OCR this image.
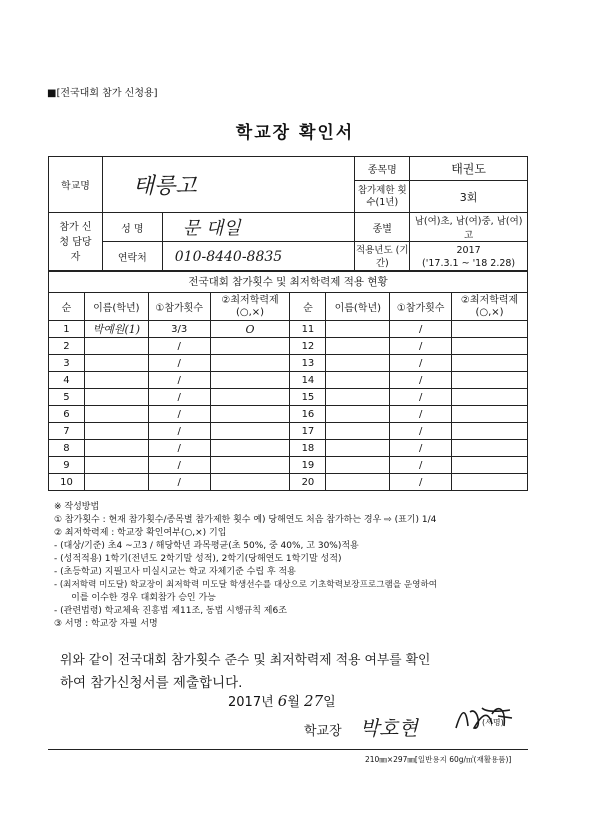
■[전국대회 참가 신청용]
학교장 확인서
학교명	태릉고		종목명	태권도
			참가제한 횟수(1년)	3회
참가 신청 담당자	성 명	문 대일	종별	남(여)초, 남(여)중, 남(여)고
	연락처	010-8440-8835	적용년도 (기간)	2017
('17.3.1 ~ '18 2.28)
전국대회 참가횟수 및 최저학력제 적용 현황							
순	이름(학년)	①참가횟수	②최저학력제 (○,×)	순	이름(학년)	①참가횟수	②최저학력제 (○,×)
1	박예원(1)	3/3	O	11		/	
2		/		12		/	
3		/		13		/	
4		/		14		/	
5		/		15		/	
6		/		16		/	
7		/		17		/	
8		/		18		/	
9		/		19		/	
10		/		20		/	
※ 작성방법
① 참가횟수 : 현재 참가횟수/종목별 참가제한 횟수 예) 당해연도 처음 참가하는 경우 ⇨ (표기) 1/4
② 최저학력제 : 학교장 확인여부(○,×) 기입
- (대상/기준) 초4 ~고3 / 해당학년 과목평균(초 50%, 중 40%, 고 30%)적용
- (성적적용) 1학기(전년도 2학기말 성적), 2학기(당해연도 1학기말 성적)
- (초등학교) 지필고사 미실시교는 학교 자체기준 수립 후 적용
- (최저학력 미도달) 학교장이 최저학력 미도달 학생선수를 대상으로 기초학력보장프로그램을 운영하여
이를 이수한 경우 대회참가 승인 가능
- (관련법령) 학교체육 진흥법 제11조, 동법 시행규칙 제6조
③ 서명 : 학교장 자필 서명
위와 같이 전국대회 참가횟수 준수 및 최저학력제 적용 여부를 확인
하여 참가신청서를 제출합니다.
2017년 6월 27일
학교장 박호현	(서명)
210㎜×297㎜[일반용지 60g/㎡(재활용품)]
